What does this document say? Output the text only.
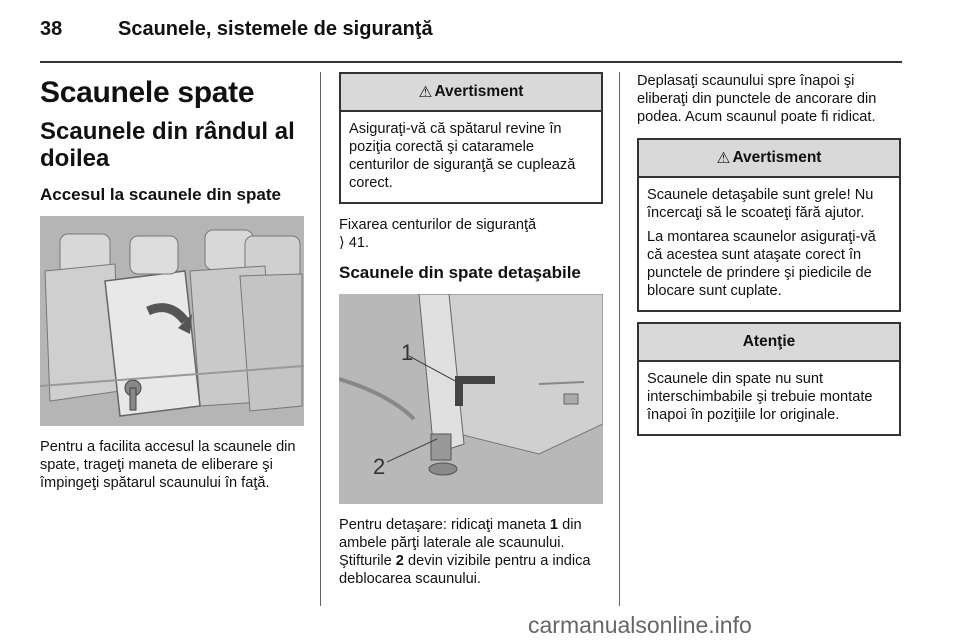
38	Scaunele, sistemele de siguranţă
Scaunele spate
Scaunele din rândul al doilea
Accesul la scaunele din spate
Pentru a facilita accesul la scaunele din spate, trageţi maneta de eliberare şi împingeţi spătarul scaunului în faţă.
⚠ Avertisment
Asiguraţi-vă că spătarul revine în poziţia corectă şi cataramele centurilor de siguranţă se cuplează corect.
Fixarea centurilor de siguranţă
⟩ 41.
Scaunele din spate detaşabile
1
2
Pentru detaşare: ridicaţi maneta 1 din ambele părţi laterale ale scaunului. Ştifturile 2 devin vizibile pentru a indica deblocarea scaunului.
Deplasaţi scaunului spre înapoi şi eliberaţi din punctele de ancorare din podea. Acum scaunul poate fi ridicat.
⚠ Avertisment
Scaunele detaşabile sunt grele! Nu încercaţi să le scoateţi fără ajutor.
La montarea scaunelor asiguraţi-vă că acestea sunt ataşate corect în punctele de prindere şi piedicile de blocare sunt cuplate.
Atenţie
Scaunele din spate nu sunt interschimbabile şi trebuie montate înapoi în poziţiile lor originale.
carmanualsonline.info
